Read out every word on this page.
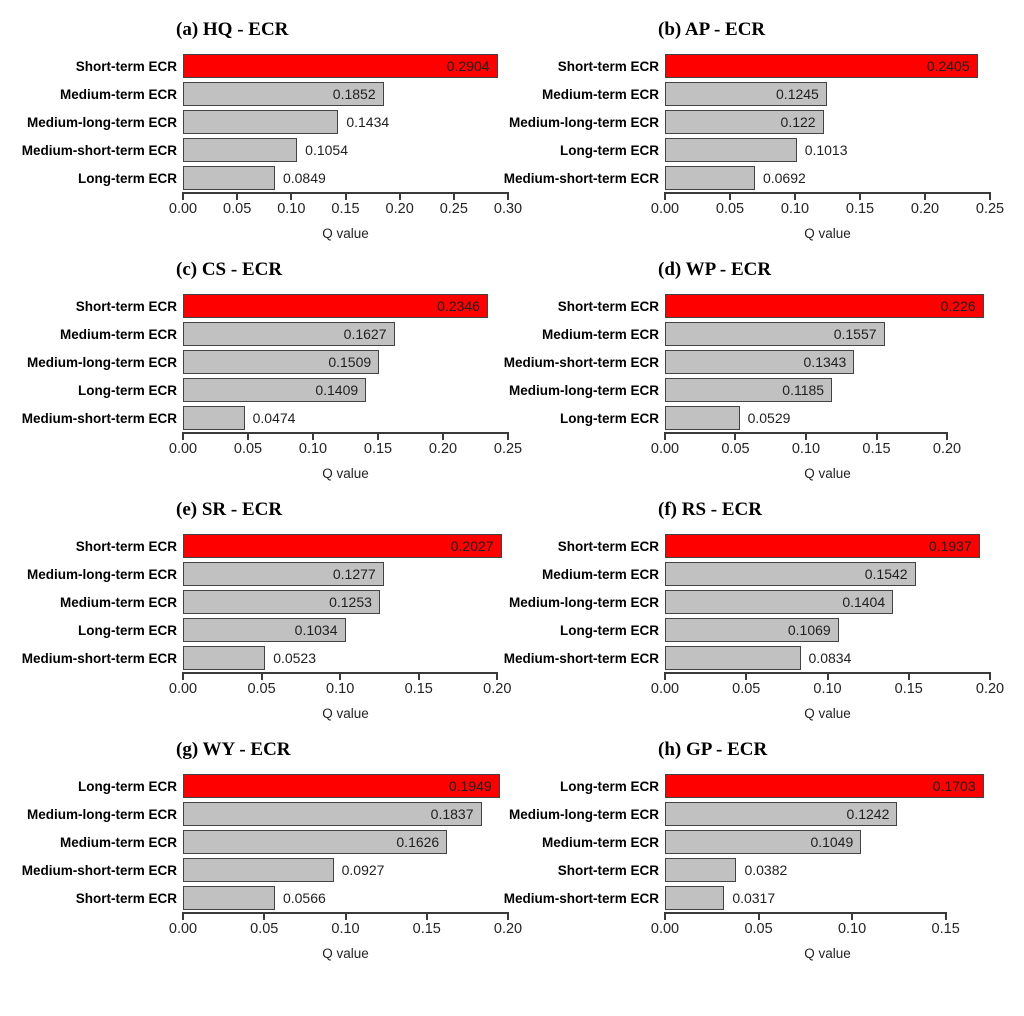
(a) HQ - ECR
Short-term ECR	0.2904
Medium-term ECR	0.1852
Medium-long-term ECR	0.1434
Medium-short-term ECR	0.1054
Long-term ECR	0.0849
0.00 0.05 0.10 0.15 0.20 0.25 0.30
Q value
(b) AP - ECR
Short-term ECR	0.2405
Medium-term ECR	0.1245
Medium-long-term ECR	0.122
Long-term ECR	0.1013
Medium-short-term ECR	0.0692
0.00	0.05	0.10	0.15	0.20	0.25
Q value
(c) CS - ECR
Short-term ECR	0.2346
Medium-term ECR	0.1627
Medium-long-term ECR	0.1509
Long-term ECR	0.1409
Medium-short-term ECR	0.0474
0.00	0.05	0.10	0.15	0.20	0.25
Q value
(d) WP - ECR
Short-term ECR	0.226
Medium-term ECR	0.1557
Medium-short-term ECR	0.1343
Medium-long-term ECR	0.1185
Long-term ECR	0.0529
0.00	0.05	0.10	0.15	0.20
Q value
(e) SR - ECR
Short-term ECR	0.2027
Medium-long-term ECR	0.1277
Medium-term ECR	0.1253
Long-term ECR	0.1034
Medium-short-term ECR	0.0523
0.00	0.05	0.10	0.15	0.20
Q value
(f) RS - ECR
Short-term ECR	0.1937
Medium-term ECR	0.1542
Medium-long-term ECR	0.1404
Long-term ECR	0.1069
Medium-short-term ECR	0.0834
0.00	0.05	0.10	0.15	0.20
Q value
(g) WY - ECR
Long-term ECR	0.1949
Medium-long-term ECR	0.1837
Medium-term ECR	0.1626
Medium-short-term ECR	0.0927
Short-term ECR	0.0566
0.00	0.05	0.10	0.15	0.20
Q value
(h) GP - ECR
Long-term ECR	0.1703
Medium-long-term ECR	0.1242
Medium-term ECR	0.1049
Short-term ECR	0.0382
Medium-short-term ECR	0.0317
0.00	0.05	0.10	0.15
Q value
